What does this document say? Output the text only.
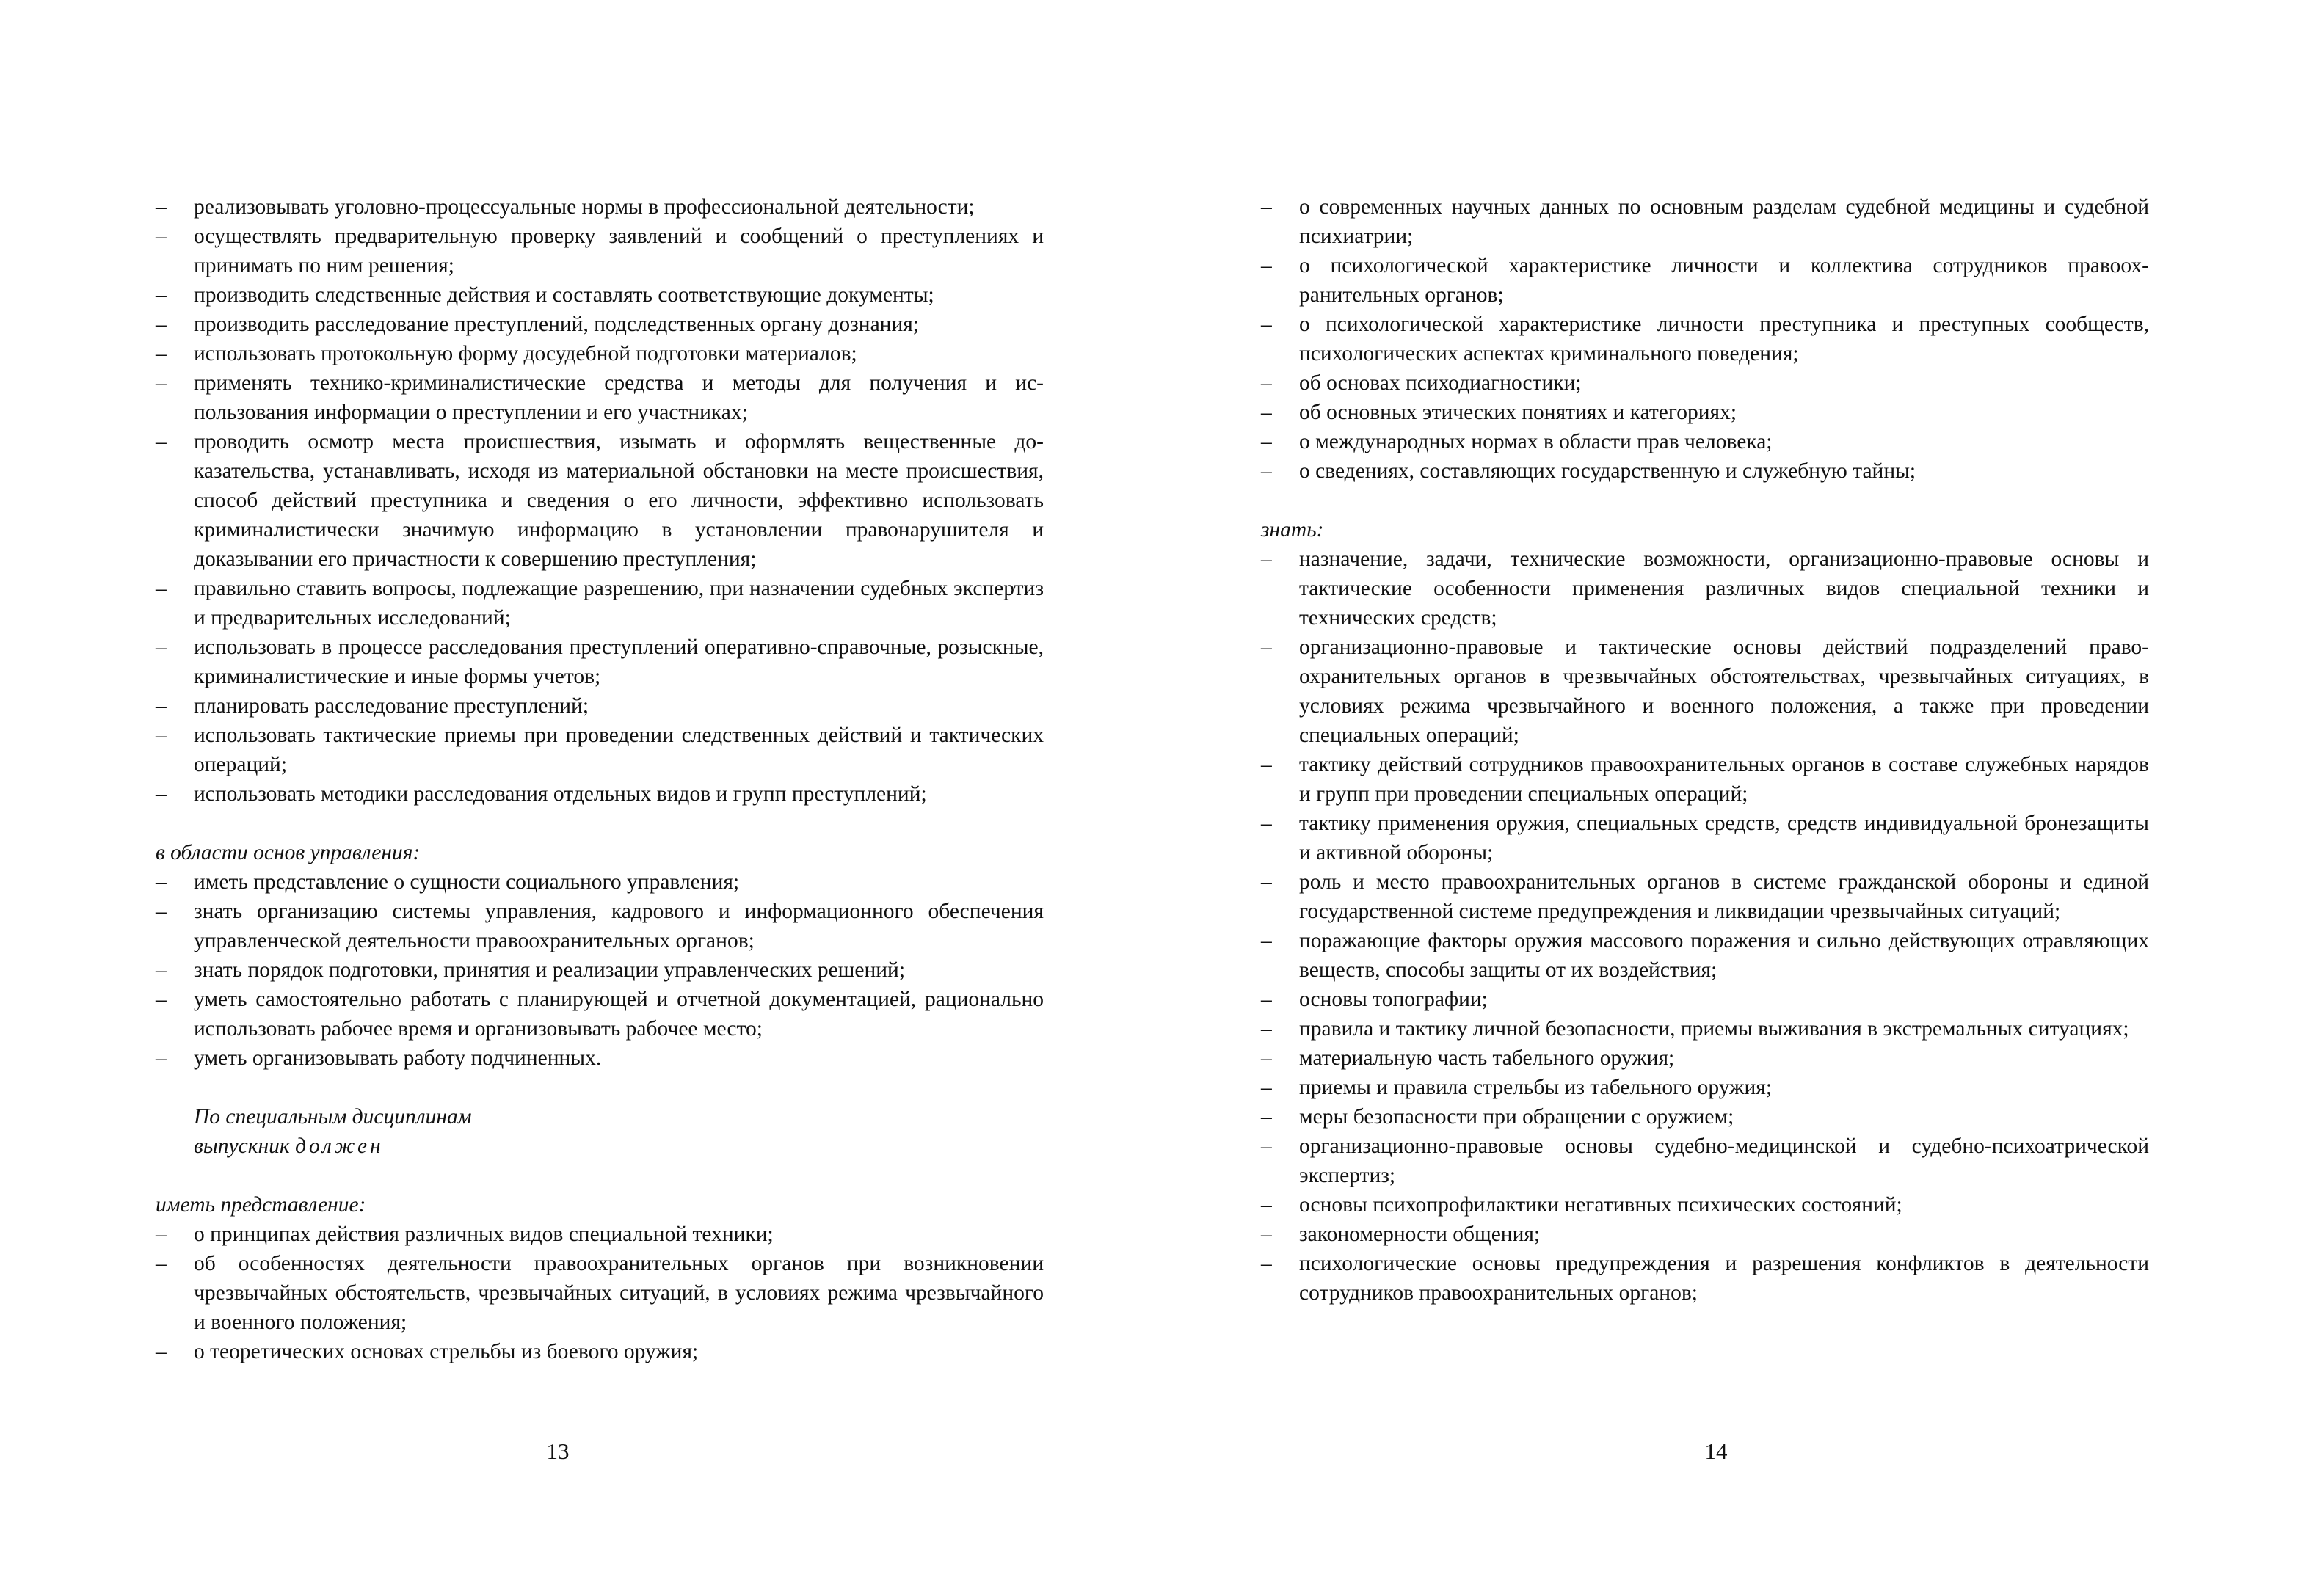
– реализовывать уголовно-процессуальные нормы в профессиональной деятельности;
– осуществлять предварительную проверку заявлений и сообщений о преступлениях и принимать по ним решения;
– производить следственные действия и составлять соответствующие документы;
– производить расследование преступлений, подследственных органу дознания;
– использовать протокольную форму досудебной подготовки материалов;
– применять технико-криминалистические средства и методы для получения и использования информации о преступлении и его участниках;
– проводить осмотр места происшествия, изымать и оформлять вещественные доказательства, устанавливать, исходя из материальной обстановки на месте происшествия, способ действий преступника и сведения о его личности, эффективно использовать криминалистически значимую информацию в установлении правонарушителя и доказывании его причастности к совершению преступления;
– правильно ставить вопросы, подлежащие разрешению, при назначении судебных экспертиз и предварительных исследований;
– использовать в процессе расследования преступлений оперативно-справочные, розыскные, криминалистические и иные формы учетов;
– планировать расследование преступлений;
– использовать тактические приемы при проведении следственных действий и тактических операций;
– использовать методики расследования отдельных видов и групп преступлений;
в области основ управления:
– иметь представление о сущности социального управления;
– знать организацию системы управления, кадрового и информационного обеспечения управленческой деятельности правоохранительных органов;
– знать порядок подготовки, принятия и реализации управленческих решений;
– уметь самостоятельно работать с планирующей и отчетной документацией, рационально использовать рабочее время и организовывать рабочее место;
– уметь организовывать работу подчиненных.
По специальным дисциплинам
выпускник должен
иметь представление:
– о принципах действия различных видов специальной техники;
– об особенностях деятельности правоохранительных органов при возникновении чрезвычайных обстоятельств, чрезвычайных ситуаций, в условиях режима чрезвычайного и военного положения;
– о теоретических основах стрельбы из боевого оружия;
13
– о современных научных данных по основным разделам судебной медицины и судебной психиатрии;
– о психологической характеристике личности и коллектива сотрудников правоохранительных органов;
– о психологической характеристике личности преступника и преступных сообществ, психологических аспектах криминального поведения;
– об основах психодиагностики;
– об основных этических понятиях и категориях;
– о международных нормах в области прав человека;
– о сведениях, составляющих государственную и служебную тайны;
знать:
– назначение, задачи, технические возможности, организационно-правовые основы и тактические особенности применения различных видов специальной техники и технических средств;
– организационно-правовые и тактические основы действий подразделений правоохранительных органов в чрезвычайных обстоятельствах, чрезвычайных ситуациях, в условиях режима чрезвычайного и военного положения, а также при проведении специальных операций;
– тактику действий сотрудников правоохранительных органов в составе служебных нарядов и групп при проведении специальных операций;
– тактику применения оружия, специальных средств, средств индивидуальной бронезащиты и активной обороны;
– роль и место правоохранительных органов в системе гражданской обороны и единой государственной системе предупреждения и ликвидации чрезвычайных ситуаций;
– поражающие факторы оружия массового поражения и сильно действующих отравляющих веществ, способы защиты от их воздействия;
– основы топографии;
– правила и тактику личной безопасности, приемы выживания в экстремальных ситуациях;
– материальную часть табельного оружия;
– приемы и правила стрельбы из табельного оружия;
– меры безопасности при обращении с оружием;
– организационно-правовые основы судебно-медицинской и судебно-психоатрической экспертиз;
– основы психопрофилактики негативных психических состояний;
– закономерности общения;
– психологические основы предупреждения и разрешения конфликтов в деятельности сотрудников правоохранительных органов;
14
